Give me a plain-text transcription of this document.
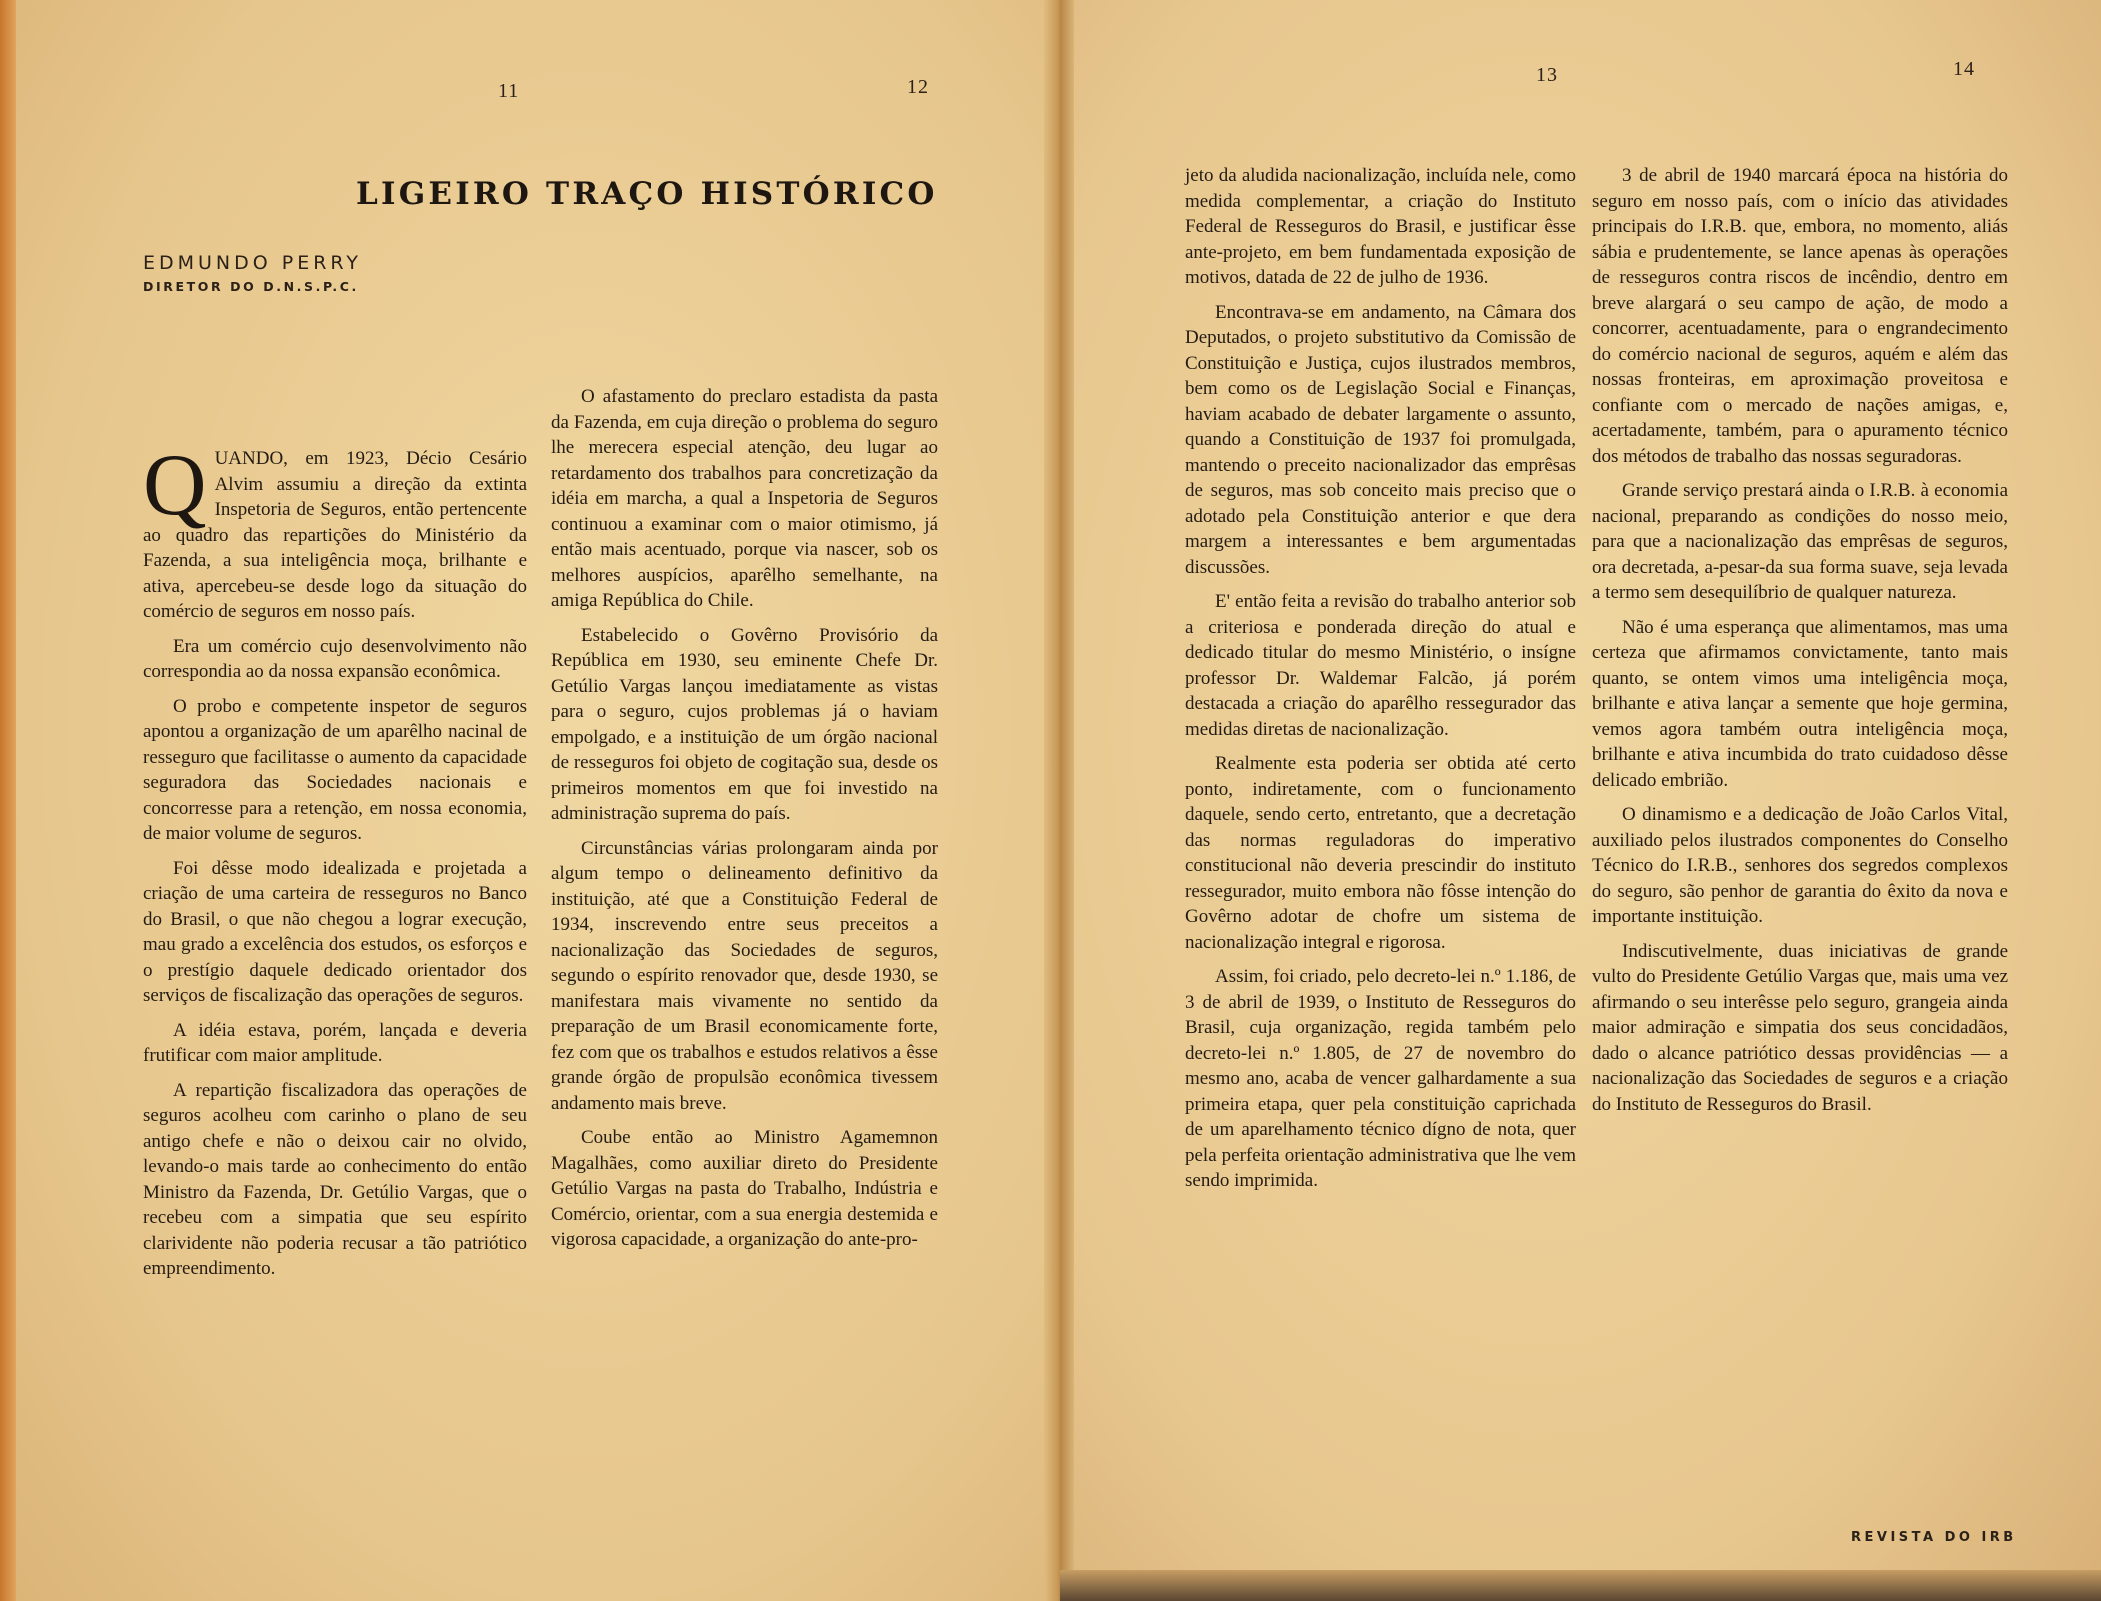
11	12
13	14
LIGEIRO TRAÇO HISTÓRICO
EDMUNDO PERRY
DIRETOR DO D.N.S.P.C.

QUANDO, em 1923, Décio Cesário Alvim assumiu a direção da extinta Inspetoria de Seguros, então pertencente ao quadro das repartições do Ministério da Fazenda, a sua inteligência moça, brilhante e ativa, apercebeu-se desde logo da situação do comércio de seguros em nosso país.

Era um comércio cujo desenvolvimento não correspondia ao da nossa expansão econômica.

O probo e competente inspetor de seguros apontou a organização de um aparêlho nacinal de resseguro que facilitasse o aumento da capacidade seguradora das Sociedades nacionais e concorresse para a retenção, em nossa economia, de maior volume de seguros.

Foi dêsse modo idealizada e projetada a criação de uma carteira de resseguros no Banco do Brasil, o que não chegou a lograr execução, mau grado a excelência dos estudos, os esforços e o prestígio daquele dedicado orientador dos serviços de fiscalização das operações de seguros.

A idéia estava, porém, lançada e deveria frutificar com maior amplitude.

A repartição fiscalizadora das operações de seguros acolheu com carinho o plano de seu antigo chefe e não o deixou cair no olvido, levando-o mais tarde ao conhecimento do então Ministro da Fazenda, Dr. Getúlio Vargas, que o recebeu com a simpatia que seu espírito clarividente não poderia recusar a tão patriótico empreendimento.

O afastamento do preclaro estadista da pasta da Fazenda, em cuja direção o problema do seguro lhe merecera especial atenção, deu lugar ao retardamento dos trabalhos para concretização da idéia em marcha, a qual a Inspetoria de Seguros continuou a examinar com o maior otimismo, já então mais acentuado, porque via nascer, sob os melhores auspícios, aparêlho semelhante, na amiga República do Chile.

Estabelecido o Govêrno Provisório da República em 1930, seu eminente Chefe Dr. Getúlio Vargas lançou imediatamente as vistas para o seguro, cujos problemas já o haviam empolgado, e a instituição de um órgão nacional de resseguros foi objeto de cogitação sua, desde os primeiros momentos em que foi investido na administração suprema do país.

Circunstâncias várias prolongaram ainda por algum tempo o delineamento definitivo da instituição, até que a Constituição Federal de 1934, inscrevendo entre seus preceitos a nacionalização das Sociedades de seguros, segundo o espírito renovador que, desde 1930, se manifestara mais vivamente no sentido da preparação de um Brasil economicamente forte, fez com que os trabalhos e estudos relativos a êsse grande órgão de propulsão econômica tivessem andamento mais breve.

Coube então ao Ministro Agamemnon Magalhães, como auxiliar direto do Presidente Getúlio Vargas na pasta do Trabalho, Indústria e Comércio, orientar, com a sua energia destemida e vigorosa capacidade, a organização do ante-pro-

jeto da aludida nacionalização, incluída nele, como medida complementar, a criação do Instituto Federal de Resseguros do Brasil, e justificar êsse ante-projeto, em bem fundamentada exposição de motivos, datada de 22 de julho de 1936.

Encontrava-se em andamento, na Câmara dos Deputados, o projeto substitutivo da Comissão de Constituição e Justiça, cujos ilustrados membros, bem como os de Legislação Social e Finanças, haviam acabado de debater largamente o assunto, quando a Constituição de 1937 foi promulgada, mantendo o preceito nacionalizador das emprêsas de seguros, mas sob conceito mais preciso que o adotado pela Constituição anterior e que dera margem a interessantes e bem argumentadas discussões.

E' então feita a revisão do trabalho anterior sob a criteriosa e ponderada direção do atual e dedicado titular do mesmo Ministério, o insígne professor Dr. Waldemar Falcão, já porém destacada a criação do aparêlho ressegurador das medidas diretas de nacionalização.

Realmente esta poderia ser obtida até certo ponto, indiretamente, com o funcionamento daquele, sendo certo, entretanto, que a decretação das normas reguladoras do imperativo constitucional não deveria prescindir do instituto ressegurador, muito embora não fôsse intenção do Govêrno adotar de chofre um sistema de nacionalização integral e rigorosa.

Assim, foi criado, pelo decreto-lei n.º 1.186, de 3 de abril de 1939, o Instituto de Resseguros do Brasil, cuja organização, regida também pelo decreto-lei n.º 1.805, de 27 de novembro do mesmo ano, acaba de vencer galhardamente a sua primeira etapa, quer pela constituição caprichada de um aparelhamento técnico dígno de nota, quer pela perfeita orientação administrativa que lhe vem sendo imprimida.

3 de abril de 1940 marcará época na história do seguro em nosso país, com o início das atividades principais do I.R.B. que, embora, no momento, aliás sábia e prudentemente, se lance apenas às operações de resseguros contra riscos de incêndio, dentro em breve alargará o seu campo de ação, de modo a concorrer, acentuadamente, para o engrandecimento do comércio nacional de seguros, aquém e além das nossas fronteiras, em aproximação proveitosa e confiante com o mercado de nações amigas, e, acertadamente, também, para o apuramento técnico dos métodos de trabalho das nossas seguradoras.

Grande serviço prestará ainda o I.R.B. à economia nacional, preparando as condições do nosso meio, para que a nacionalização das emprêsas de seguros, ora decretada, a-pesar-da sua forma suave, seja levada a termo sem desequilíbrio de qualquer natureza.

Não é uma esperança que alimentamos, mas uma certeza que afirmamos convictamente, tanto mais quanto, se ontem vimos uma inteligência moça, brilhante e ativa lançar a semente que hoje germina, vemos agora também outra inteligência moça, brilhante e ativa incumbida do trato cuidadoso dêsse delicado embrião.

O dinamismo e a dedicação de João Carlos Vital, auxiliado pelos ilustrados componentes do Conselho Técnico do I.R.B., senhores dos segredos complexos do seguro, são penhor de garantia do êxito da nova e importante instituição.

Indiscutivelmente, duas iniciativas de grande vulto do Presidente Getúlio Vargas que, mais uma vez afirmando o seu interêsse pelo seguro, grangeia ainda maior admiração e simpatia dos seus concidadãos, dado o alcance patriótico dessas providências — a nacionalização das Sociedades de seguros e a criação do Instituto de Resseguros do Brasil.

REVISTA DO IRB
